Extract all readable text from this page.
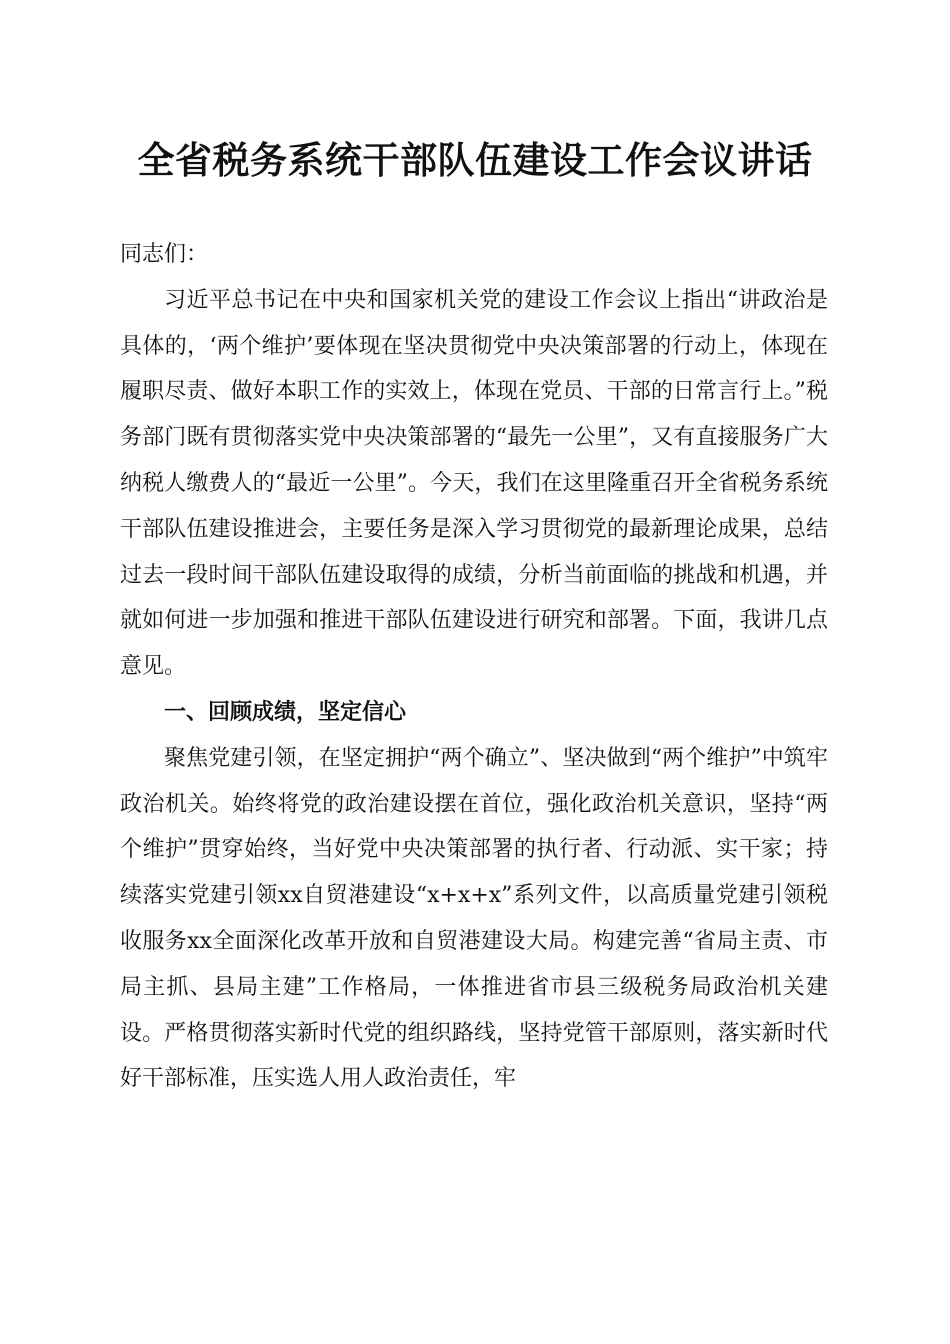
全省税务系统干部队伍建设工作会议讲话

同志们：

习近平总书记在中央和国家机关党的建设工作会议上指出“讲政治是具体的，‘两个维护’要体现在坚决贯彻党中央决策部署的行动上，体现在履职尽责、做好本职工作的实效上，体现在党员、干部的日常言行上。”税务部门既有贯彻落实党中央决策部署的“最先一公里”，又有直接服务广大纳税人缴费人的“最近一公里”。今天，我们在这里隆重召开全省税务系统干部队伍建设推进会，主要任务是深入学习贯彻党的最新理论成果，总结过去一段时间干部队伍建设取得的成绩，分析当前面临的挑战和机遇，并就如何进一步加强和推进干部队伍建设进行研究和部署。下面，我讲几点意见。

一、回顾成绩，坚定信心

聚焦党建引领，在坚定拥护“两个确立”、坚决做到“两个维护”中筑牢政治机关。始终将党的政治建设摆在首位，强化政治机关意识，坚持“两个维护”贯穿始终，当好党中央决策部署的执行者、行动派、实干家；持续落实党建引领xx自贸港建设“x+x+x”系列文件，以高质量党建引领税收服务xx全面深化改革开放和自贸港建设大局。构建完善“省局主责、市局主抓、县局主建”工作格局，一体推进省市县三级税务局政治机关建设。严格贯彻落实新时代党的组织路线，坚持党管干部原则，落实新时代好干部标准，压实选人用人政治责任，牢
